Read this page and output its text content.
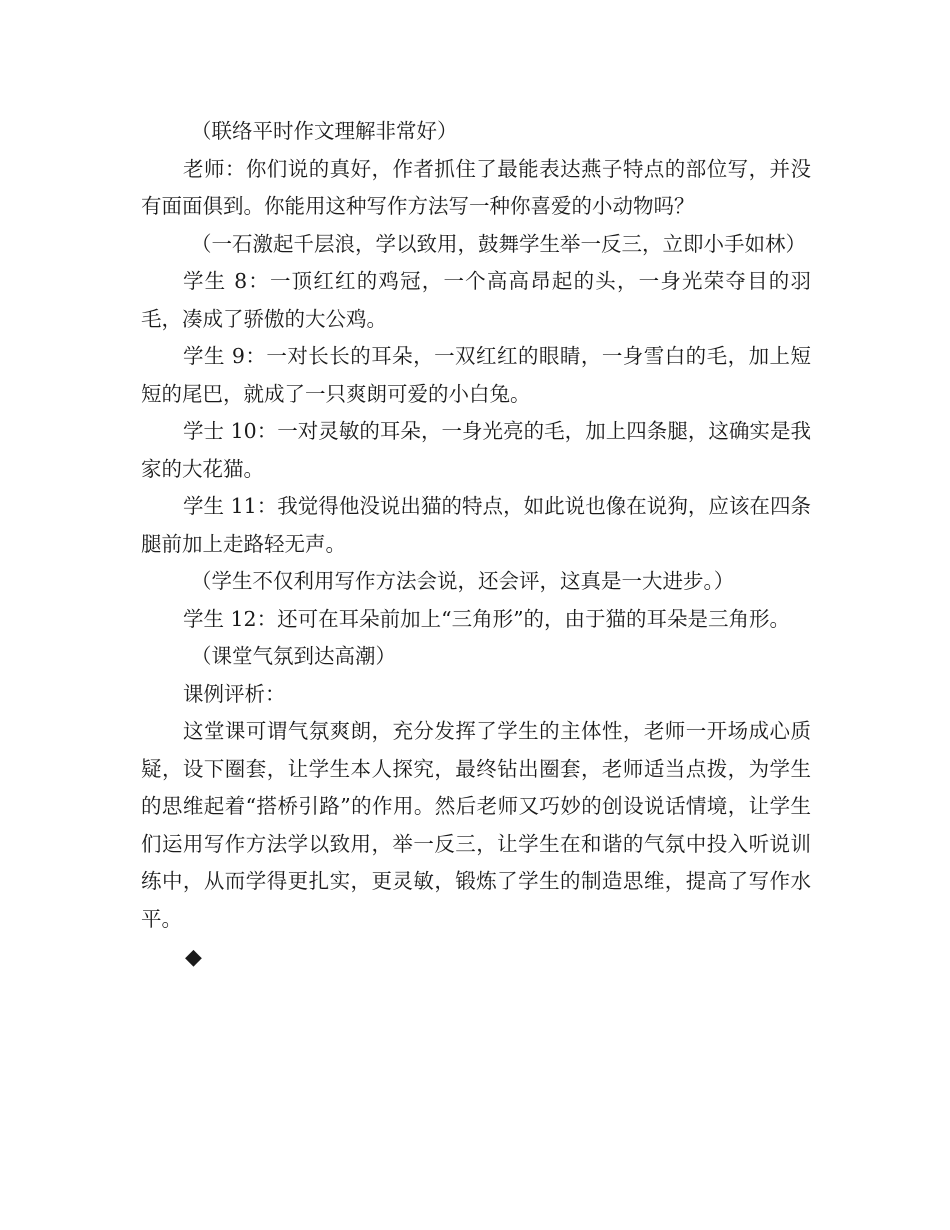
（联络平时作文理解非常好）

老师：你们说的真好，作者抓住了最能表达燕子特点的部位写，并没有面面俱到。你能用这种写作方法写一种你喜爱的小动物吗？

（一石激起千层浪，学以致用，鼓舞学生举一反三，立即小手如林）

学生 8：一顶红红的鸡冠，一个高高昂起的头，一身光荣夺目的羽毛，凑成了骄傲的大公鸡。

学生 9：一对长长的耳朵，一双红红的眼睛，一身雪白的毛，加上短短的尾巴，就成了一只爽朗可爱的小白兔。

学士 10：一对灵敏的耳朵，一身光亮的毛，加上四条腿，这确实是我家的大花猫。

学生 11：我觉得他没说出猫的特点，如此说也像在说狗，应该在四条腿前加上走路轻无声。

（学生不仅利用写作方法会说，还会评，这真是一大进步。）

学生 12：还可在耳朵前加上“三角形”的，由于猫的耳朵是三角形。

（课堂气氛到达高潮）

课例评析：

这堂课可谓气氛爽朗，充分发挥了学生的主体性，老师一开场成心质疑，设下圈套，让学生本人探究，最终钻出圈套，老师适当点拨，为学生的思维起着“搭桥引路”的作用。然后老师又巧妙的创设说话情境，让学生们运用写作方法学以致用，举一反三，让学生在和谐的气氛中投入听说训练中，从而学得更扎实，更灵敏，锻炼了学生的制造思维，提高了写作水平。

◆
